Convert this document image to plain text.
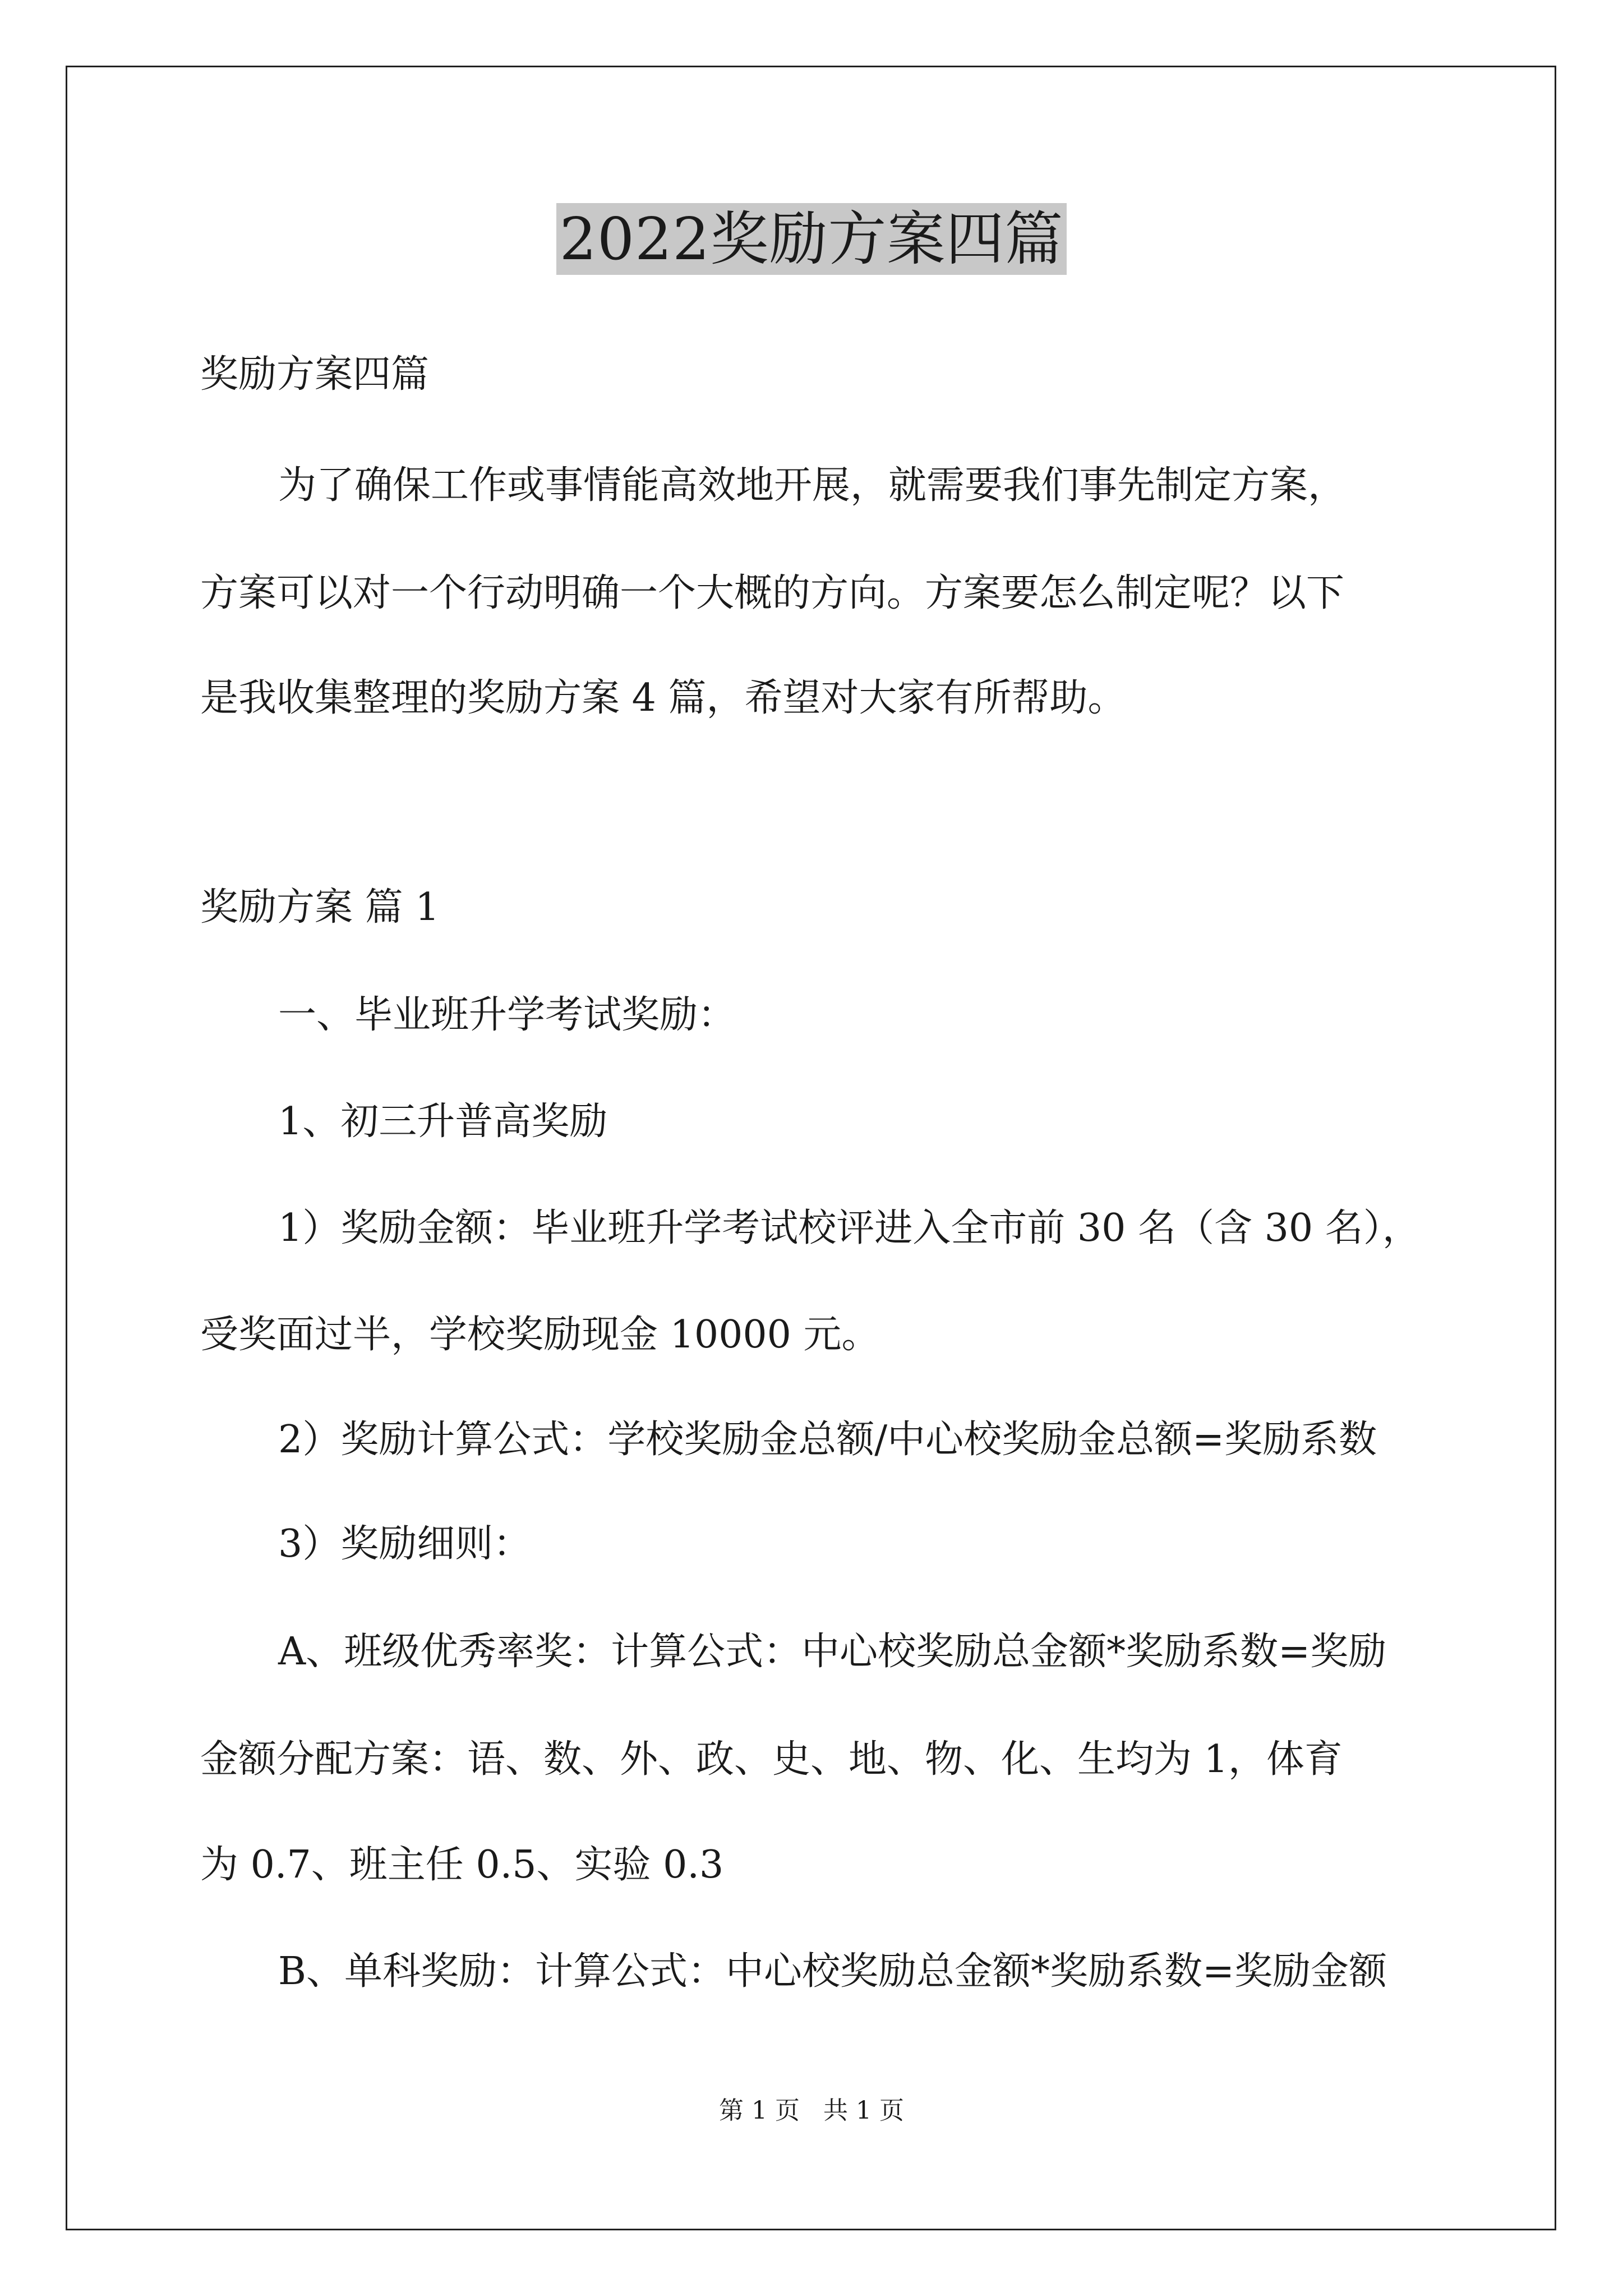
2022奖励方案四篇
奖励方案四篇
为了确保工作或事情能高效地开展，就需要我们事先制定方案，
方案可以对一个行动明确一个大概的方向。方案要怎么制定呢？以下
是我收集整理的奖励方案 4 篇，希望对大家有所帮助。
奖励方案 篇 1
一、毕业班升学考试奖励：
1、初三升普高奖励
1）奖励金额：毕业班升学考试校评进入全市前 30 名（含 30 名），
受奖面过半，学校奖励现金 10000 元。
2）奖励计算公式：学校奖励金总额/中心校奖励金总额=奖励系数
3）奖励细则：
A、班级优秀率奖：计算公式：中心校奖励总金额*奖励系数=奖励
金额分配方案：语、数、外、政、史、地、物、化、生均为 1，体育
为 0.7、班主任 0.5、实验 0.3
B、单科奖励：计算公式：中心校奖励总金额*奖励系数=奖励金额
第 1 页   共 1 页
